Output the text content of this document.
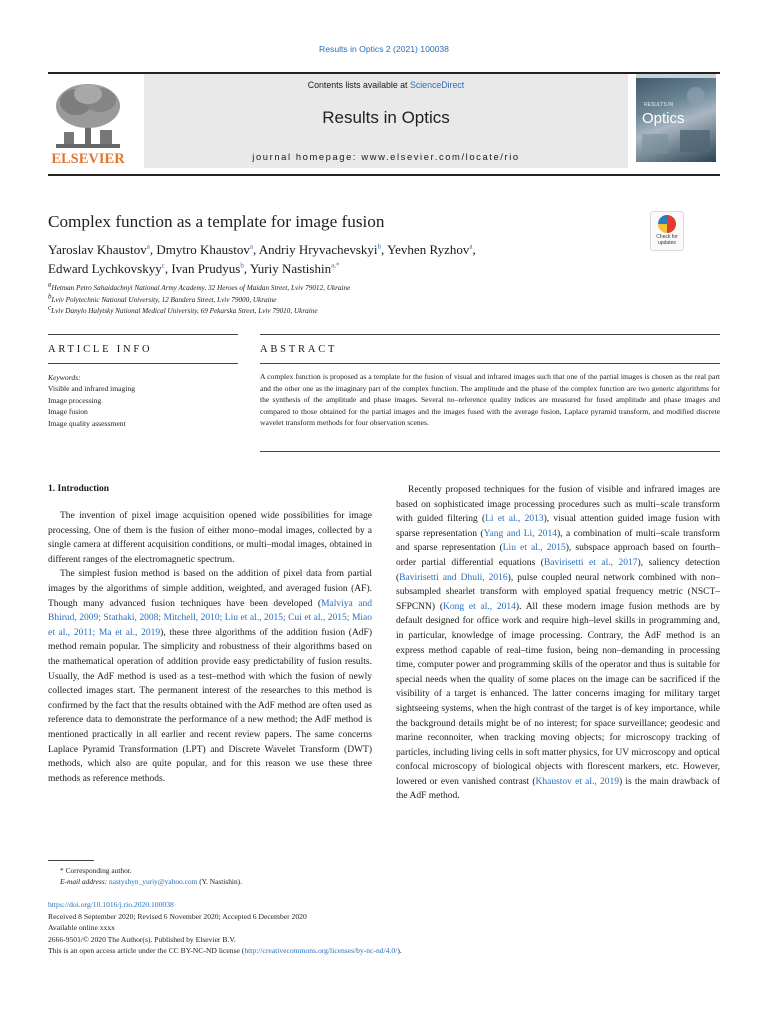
Results in Optics 2 (2021) 100038
ELSEVIER
Contents lists available at ScienceDirect
Results in Optics
journal homepage: www.elsevier.com/locate/rio
RESULTS IN
Optics
Complex function as a template for image fusion
Check for
updates
Yaroslav Khaustov$^a$, Dmytro Khaustov$^a$, Andriy Hryvachevskyi$^b$, Yevhen Ryzhov$^a$,
Edward Lychkovskyy$^c$, Ivan Prudyus$^b$, Yuriy Nastishin$^{a,*}$
$^a$Hetman Petro Sahaidachnyi National Army Academy, 32 Heroes of Maidan Street, Lviv 79012, Ukraine
$^b$Lviv Polytechnic National University, 12 Bandera Street, Lviv 79000, Ukraine
$^c$Lviv Danylo Halytsky National Medical University, 69 Pekarska Street, Lviv 79010, Ukraine
ARTICLE INFO	ABSTRACT
Keywords:
Visible and infrared imaging
Image processing
Image fusion
Image quality assessment
A complex function is proposed as a template for the fusion of visual and infrared images such that one of the partial images is chosen as the real part and the other one as the imaginary part of the complex function. The amplitude and the phase of the complex function are two generic algorithms for the synthesis of the amplitude and phase images. Several no–reference quality indices are measured for fused amplitude and phase images and compared to those obtained for the partial images and the images fused with the average fusion, Laplace pyramid transform, and modified discrete wavelet transform methods for four observation scenes.
1. Introduction

The invention of pixel image acquisition opened wide possibilities for image processing. One of them is the fusion of either mono–modal images, collected by a single camera at different acquisition conditions, or multi–modal images, obtained in different ranges of the electromagnetic spectrum.

The simplest fusion method is based on the addition of pixel data from partial images by the algorithms of simple addition, weighted, and averaged fusion (AF). Though many advanced fusion techniques have been developed (Malviya and Bhirud, 2009; Stathaki, 2008; Mitchell, 2010; Liu et al., 2015; Cui et al., 2015; Miao et al., 2011; Ma et al., 2019), these three algorithms of the addition fusion (AdF) method remain popular. The simplicity and robustness of their algorithms based on the mathematical operation of addition provide easy predictability of fusion results. Usually, the AdF method is used as a test–method with which the fusion of newly collected images start. The permanent interest of the researches to this method is confirmed by the fact that the results obtained with the AdF method are often used as reference data to demonstrate the performance of a new method; the AdF method is mentioned practically in all earlier and recent review papers. The same concerns Laplace Pyramid Transformation (LPT) and Discrete Wavelet Transform (DWT) methods, which also are quite popular, and for this reason we use these three methods as reference methods.

Recently proposed techniques for the fusion of visible and infrared images are based on sophisticated image processing procedures such as multi–scale transform with guided filtering (Li et al., 2013), visual attention guided image fusion with sparse representation (Yang and Li, 2014), a combination of multi–scale transform and sparse representation (Liu et al., 2015), subspace approach based on fourth–order partial differential equations (Bavirisetti et al., 2017), saliency detection (Bavirisetti and Dhuli, 2016), pulse coupled neural network combined with non–subsampled shearlet transform with employed spatial frequency metric (NSCT–SFPCNN) (Kong et al., 2014). All these modern image fusion methods are by default designed for office work and require high–level skills in programming and, in particular, knowledge of image processing. Contrary, the AdF method is an express method capable of real–time fusion, being non–demanding in processing time, computer power and programming skills of the operator and thus is suitable for special needs when the quality of some places on the image can be sacrificed if the visibility of a target is enhanced. The latter concerns imaging for military target sightseeing systems, when the high contrast of the target is of key importance, while the background details might be of no interest; for space surveillance; geodesic and marine reconnoiter, when tracking moving objects; for microscopy tracking of particles, including living cells in soft matter physics, for UV microscopy and optical confocal microscopy of biological objects with florescent markers, etc. However, lowered or even vanished contrast (Khaustov et al., 2019) is the main drawback of the AdF method.

* Corresponding author.
E-mail address: nastyshyn_yuriy@yahoo.com (Y. Nastishin).
https://doi.org/10.1016/j.rio.2020.100038
Received 8 September 2020; Revised 6 November 2020; Accepted 6 December 2020
Available online xxxx
2666-9501/© 2020 The Author(s). Published by Elsevier B.V.
This is an open access article under the CC BY-NC-ND license (http://creativecommons.org/licenses/by-nc-nd/4.0/).
